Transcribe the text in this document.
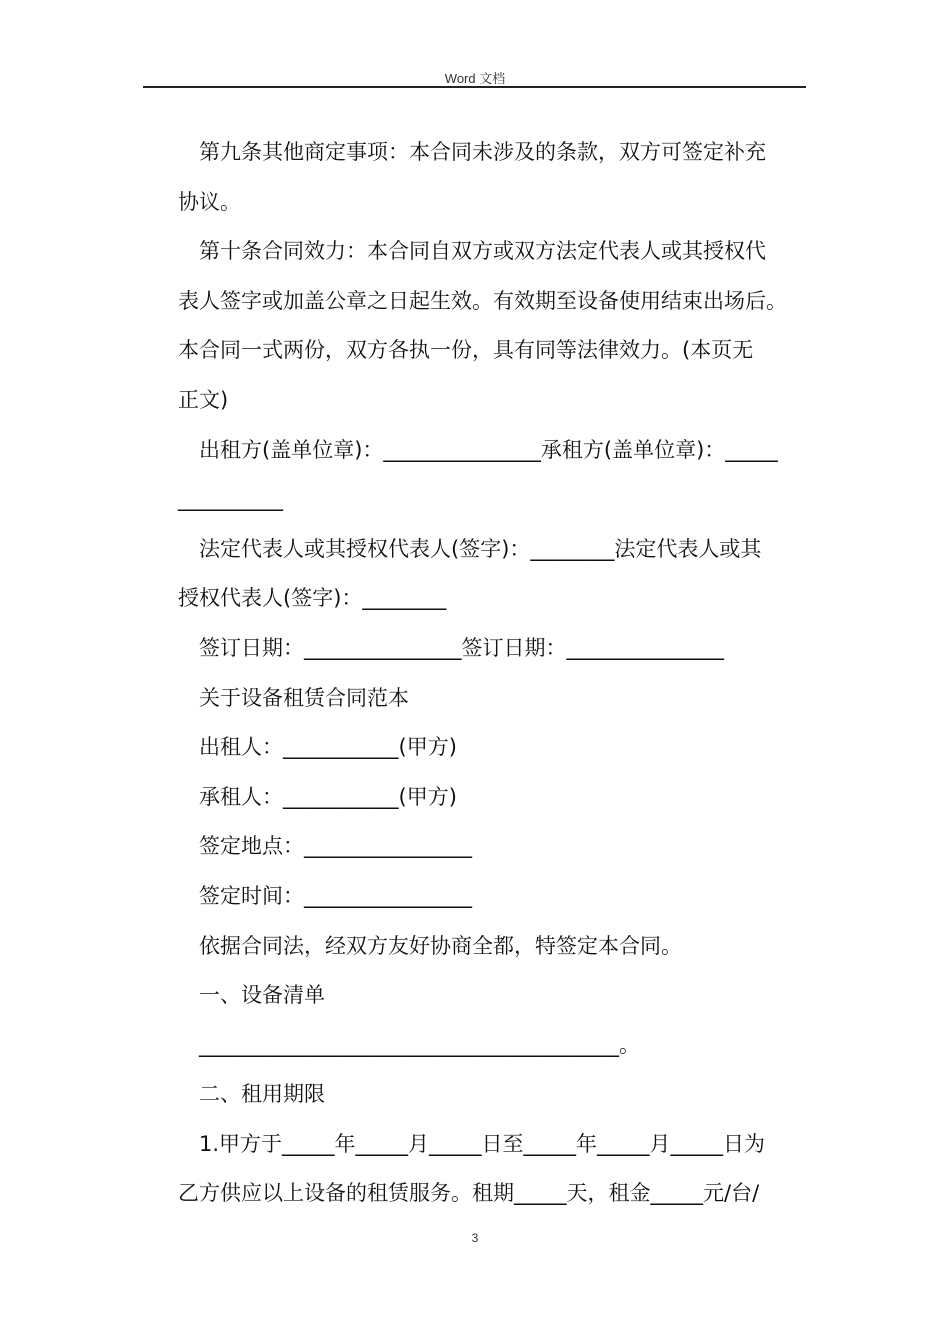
Word 文档

第九条其他商定事项：本合同未涉及的条款，双方可签定补充
协议。

第十条合同效力：本合同自双方或双方法定代表人或其授权代
表人签字或加盖公章之日起生效。有效期至设备使用结束出场后。
本合同一式两份，双方各执一份，具有同等法律效力。(本页无
正文)

出租方(盖单位章)：_______________承租方(盖单位章)：_____
__________

法定代表人或其授权代表人(签字)：________法定代表人或其
授权代表人(签字)：________

签订日期：_______________签订日期：_______________

关于设备租赁合同范本

出租人：___________(甲方)

承租人：___________(甲方)

签定地点：________________

签定时间：________________

依据合同法，经双方友好协商全都，特签定本合同。

一、设备清单

________________________________________。

二、租用期限

1.甲方于_____年_____月_____日至_____年_____月_____日为
乙方供应以上设备的租赁服务。租期_____天，租金_____元/台/

3
